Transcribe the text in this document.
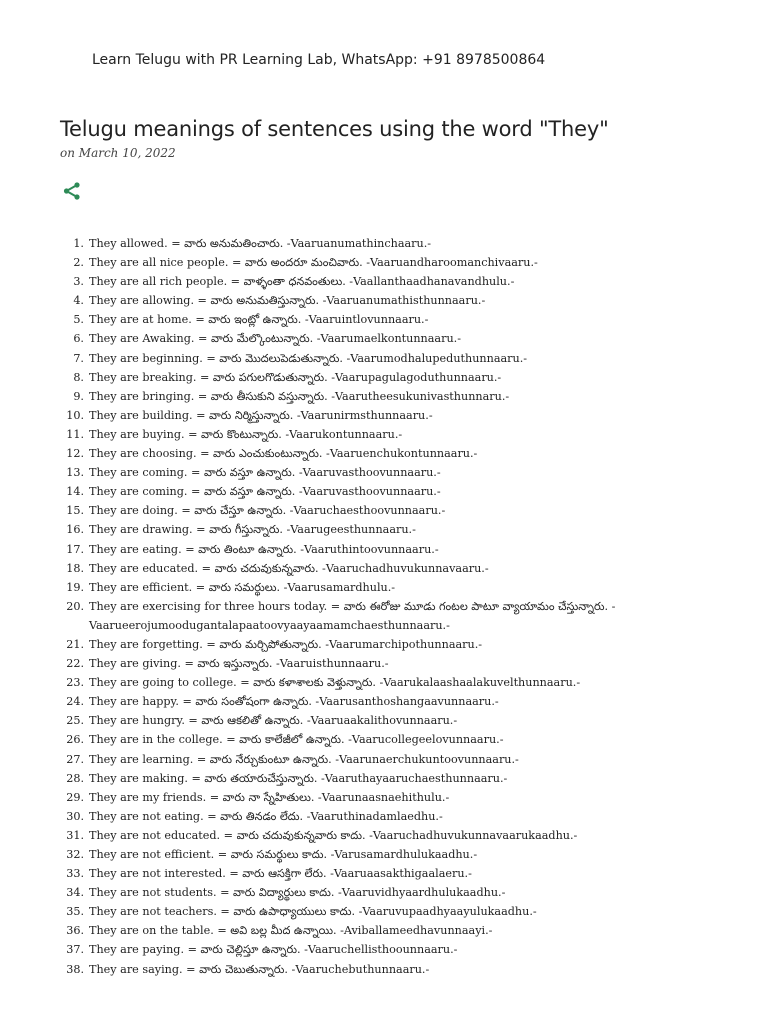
Learn Telugu with PR Learning Lab, WhatsApp: +91 8978500864
Telugu meanings of sentences using the word "They"
on March 10, 2022
1. They allowed. = వారు అనుమతించారు. -Vaaruanumathinchaaru.-
2. They are all nice people. = వారు అందరూ మంచివారు. -Vaaruandharoomanchivaaru.-
3. They are all rich people. = వాళ్ళంతా ధనవంతులు. -Vaallanthaadhanavandhulu.-
4. They are allowing. = వారు అనుమతిస్తున్నారు. -Vaaruanumathisthunnaaru.-
5. They are at home. = వారు ఇంట్లో ఉన్నారు. -Vaaruintlovunnaaru.-
6. They are Awaking. = వారు మేల్కొంటున్నారు. -Vaarumaelkontunnaaru.-
7. They are beginning. = వారు మొదలుపెడుతున్నారు. -Vaarumodhalupeduthunnaaru.-
8. They are breaking. = వారు పగులగొడుతున్నారు. -Vaarupagulagoduthunnaaru.-
9. They are bringing. = వారు తీసుకుని వస్తున్నారు. -Vaarutheesukunivasthunnaru.-
10. They are building. = వారు నిర్మిస్తున్నారు. -Vaarunirmsthunnaaru.-
11. They are buying. = వారు కొంటున్నారు. -Vaarukontunnaaru.-
12. They are choosing. = వారు ఎంచుకుంటున్నారు. -Vaaruenchukontunnaaru.-
13. They are coming. = వారు వస్తూ ఉన్నారు. -Vaaruvasthoovunnaaru.-
14. They are coming. = వారు వస్తూ ఉన్నారు. -Vaaruvasthoovunnaaru.-
15. They are doing. = వారు చేస్తూ ఉన్నారు. -Vaaruchaesthoovunnaaru.-
16. They are drawing. = వారు గీస్తున్నారు. -Vaarugeesthunnaaru.-
17. They are eating. = వారు తింటూ ఉన్నారు. -Vaaruthintoovunnaaru.-
18. They are educated. = వారు చదువుకున్నవారు. -Vaaruchadhuvukunnavaaru.-
19. They are efficient. = వారు సమర్థులు. -Vaarusamardhulu.-
20. They are exercising for three hours today. = వారు ఈరోజు మూడు గంటల పాటూ వ్యాయామం చేస్తున్నారు. -Vaarueerojumoodugantalapaatoovyaayaamamchaesthunnaaru.-
21. They are forgetting. = వారు మర్చిపోతున్నారు. -Vaarumarchipothunnaaru.-
22. They are giving. = వారు ఇస్తున్నారు. -Vaaruisthunnaaru.-
23. They are going to college. = వారు కళాశాలకు వెళ్తున్నారు. -Vaarukalaashaalakuvelthunnaaru.-
24. They are happy. = వారు సంతోషంగా ఉన్నారు. -Vaarusanthoshangaavunnaaru.-
25. They are hungry. = వారు ఆకలితో ఉన్నారు. -Vaaruaakalithovunnaaru.-
26. They are in the college. = వారు కాలేజీలో ఉన్నారు. -Vaarucollegeelovunnaaru.-
27. They are learning. = వారు నేర్చుకుంటూ ఉన్నారు. -Vaarunaerchukuntoovunnaaru.-
28. They are making. = వారు తయారుచేస్తున్నారు. -Vaaruthayaaruchaesthunnaaru.-
29. They are my friends. = వారు నా స్నేహితులు. -Vaarunaasnaehithulu.-
30. They are not eating. = వారు తినడం లేదు. -Vaaruthinadamlaedhu.-
31. They are not educated. = వారు చదువుకున్నవారు కాదు. -Vaaruchadhuvukunnavaarukaadhu.-
32. They are not efficient. = వారు సమర్థులు కాదు. -Varusamardhulukaadhu.-
33. They are not interested. = వారు ఆసక్తిగా లేరు. -Vaaruaasakthigaalaeru.-
34. They are not students. = వారు విద్యార్థులు కాదు. -Vaaruvidhyaardhulukaadhu.-
35. They are not teachers. = వారు ఉపాధ్యాయులు కాదు. -Vaaruvupaadhyaayulukaadhu.-
36. They are on the table. = అవి బల్ల మీద ఉన్నాయి. -Aviballameedhavunnaayi.-
37. They are paying. = వారు చెల్లిస్తూ ఉన్నారు. -Vaaruchellisthoounnaaru.-
38. They are saying. = వారు చెబుతున్నారు. -Vaaruchebuthunnaaru.-
